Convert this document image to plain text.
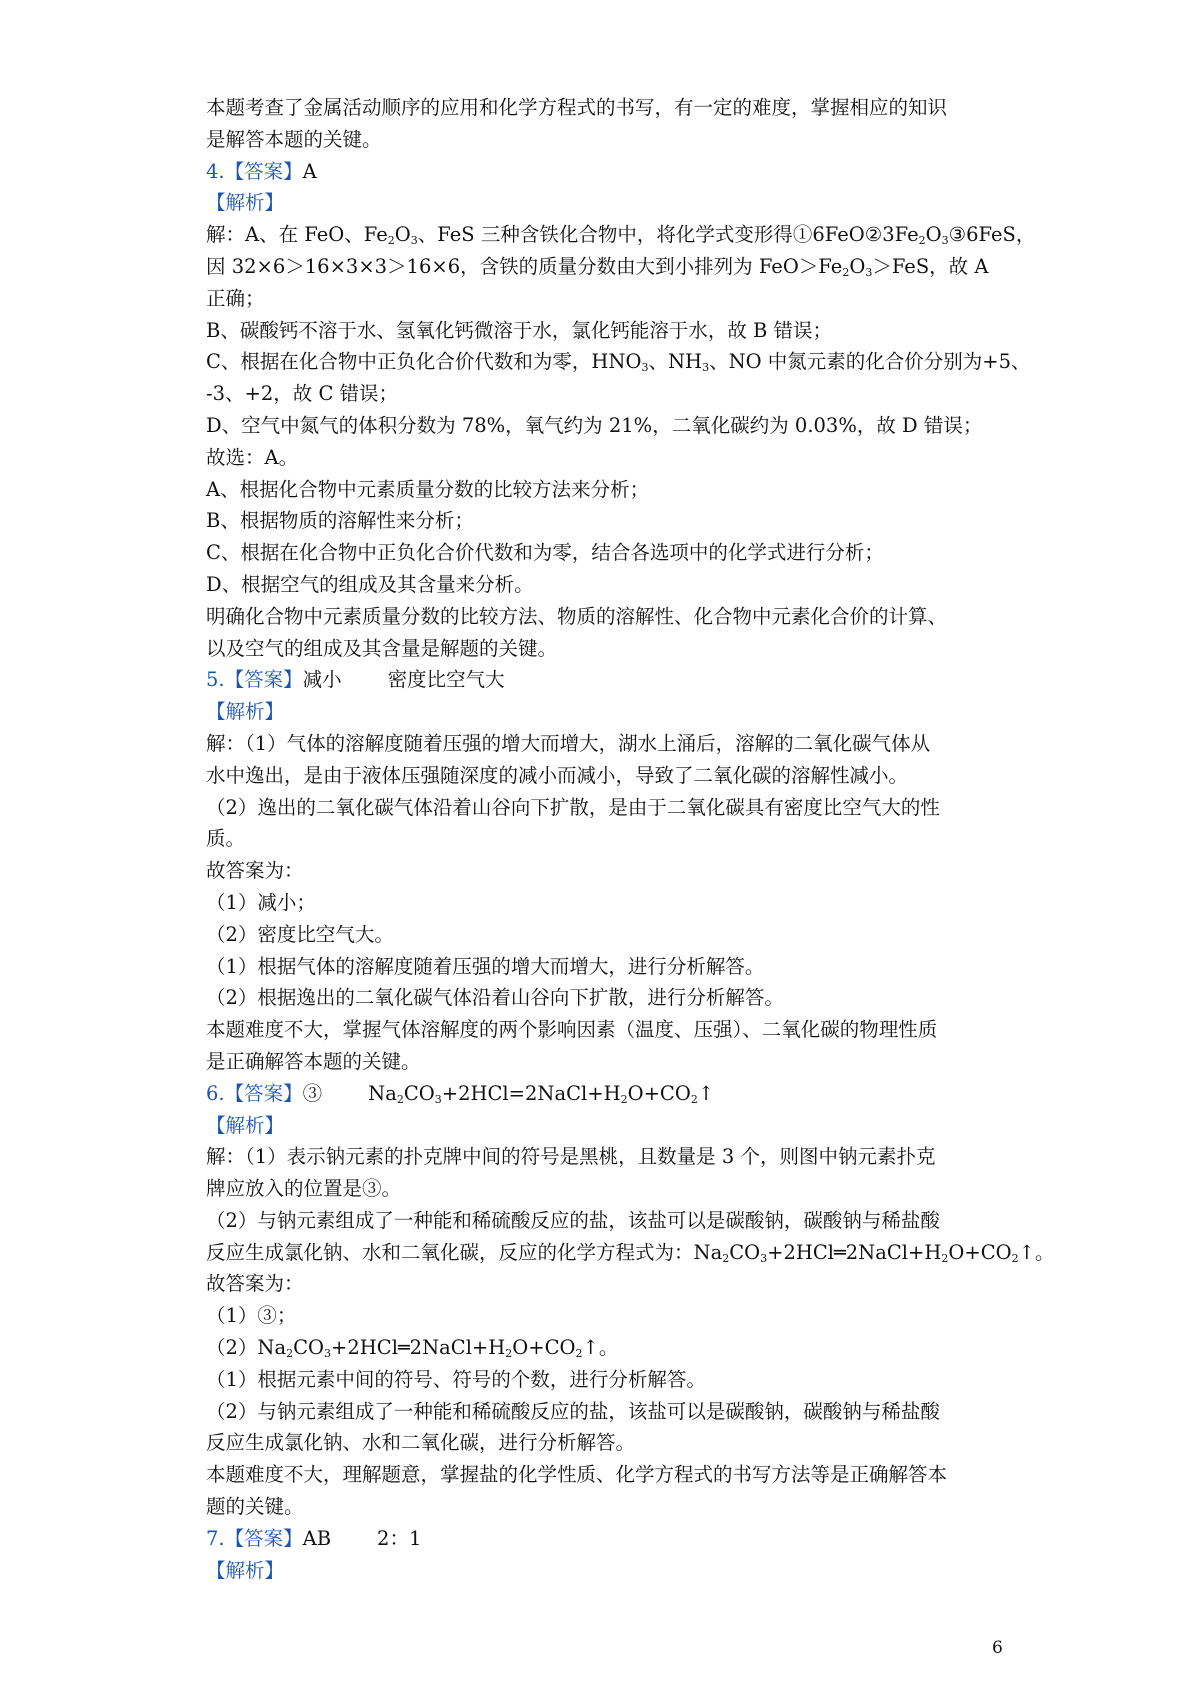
本题考查了金属活动顺序的应用和化学方程式的书写，有一定的难度，掌握相应的知识
是解答本题的关键。
4.【答案】A
【解析】
解：A、在 FeO、$Fe_2O_3$、FeS 三种含铁化合物中，将化学式变形得$①6FeO②3Fe_2O_3③6FeS$，
因 32×6＞16×3×3＞16×6，含铁的质量分数由大到小排列为 $FeO>Fe_2O_3>FeS$，故 A
正确；
B、碳酸钙不溶于水、氢氧化钙微溶于水，氯化钙能溶于水，故 B 错误；
C、根据在化合物中正负化合价代数和为零，$HNO_3$、$NH_3$、NO 中氮元素的化合价分别为+5、
-3、+2，故 C 错误；
D、空气中氮气的体积分数为 78%，氧气约为 21%，二氧化碳约为 0.03%，故 D 错误；
故选：A。
A、根据化合物中元素质量分数的比较方法来分析；
B、根据物质的溶解性来分析；
C、根据在化合物中正负化合价代数和为零，结合各选项中的化学式进行分析；
D、根据空气的组成及其含量来分析。
明确化合物中元素质量分数的比较方法、物质的溶解性、化合物中元素化合价的计算、
以及空气的组成及其含量是解题的关键。
5.【答案】减小 密度比空气大
【解析】
解：（1）气体的溶解度随着压强的增大而增大，湖水上涌后，溶解的二氧化碳气体从
水中逸出，是由于液体压强随深度的减小而减小，导致了二氧化碳的溶解性减小。
（2）逸出的二氧化碳气体沿着山谷向下扩散，是由于二氧化碳具有密度比空气大的性
质。
故答案为：
（1）减小；
（2）密度比空气大。
（1）根据气体的溶解度随着压强的增大而增大，进行分析解答。
（2）根据逸出的二氧化碳气体沿着山谷向下扩散，进行分析解答。
本题难度不大，掌握气体溶解度的两个影响因素（温度、压强）、二氧化碳的物理性质
是正确解答本题的关键。
6.【答案】③ $Na_2CO_3+2HCl=2NaCl+H_2O+CO_2↑$
【解析】
解：（1）表示钠元素的扑克牌中间的符号是黑桃，且数量是 3 个，则图中钠元素扑克
牌应放入的位置是③。
（2）与钠元素组成了一种能和稀硫酸反应的盐，该盐可以是碳酸钠，碳酸钠与稀盐酸
反应生成氯化钠、水和二氧化碳，反应的化学方程式为：$Na_2CO_3+2HCl═2NaCl+H_2O+CO_2↑$。
故答案为：
（1）③；
$(2)Na_2CO_3+2HCl═2NaCl+H_2O+CO_2↑$。
（1）根据元素中间的符号、符号的个数，进行分析解答。
（2）与钠元素组成了一种能和稀硫酸反应的盐，该盐可以是碳酸钠，碳酸钠与稀盐酸
反应生成氯化钠、水和二氧化碳，进行分析解答。
本题难度不大，理解题意，掌握盐的化学性质、化学方程式的书写方法等是正确解答本
题的关键。
7.【答案】AB 2：1
【解析】
6
